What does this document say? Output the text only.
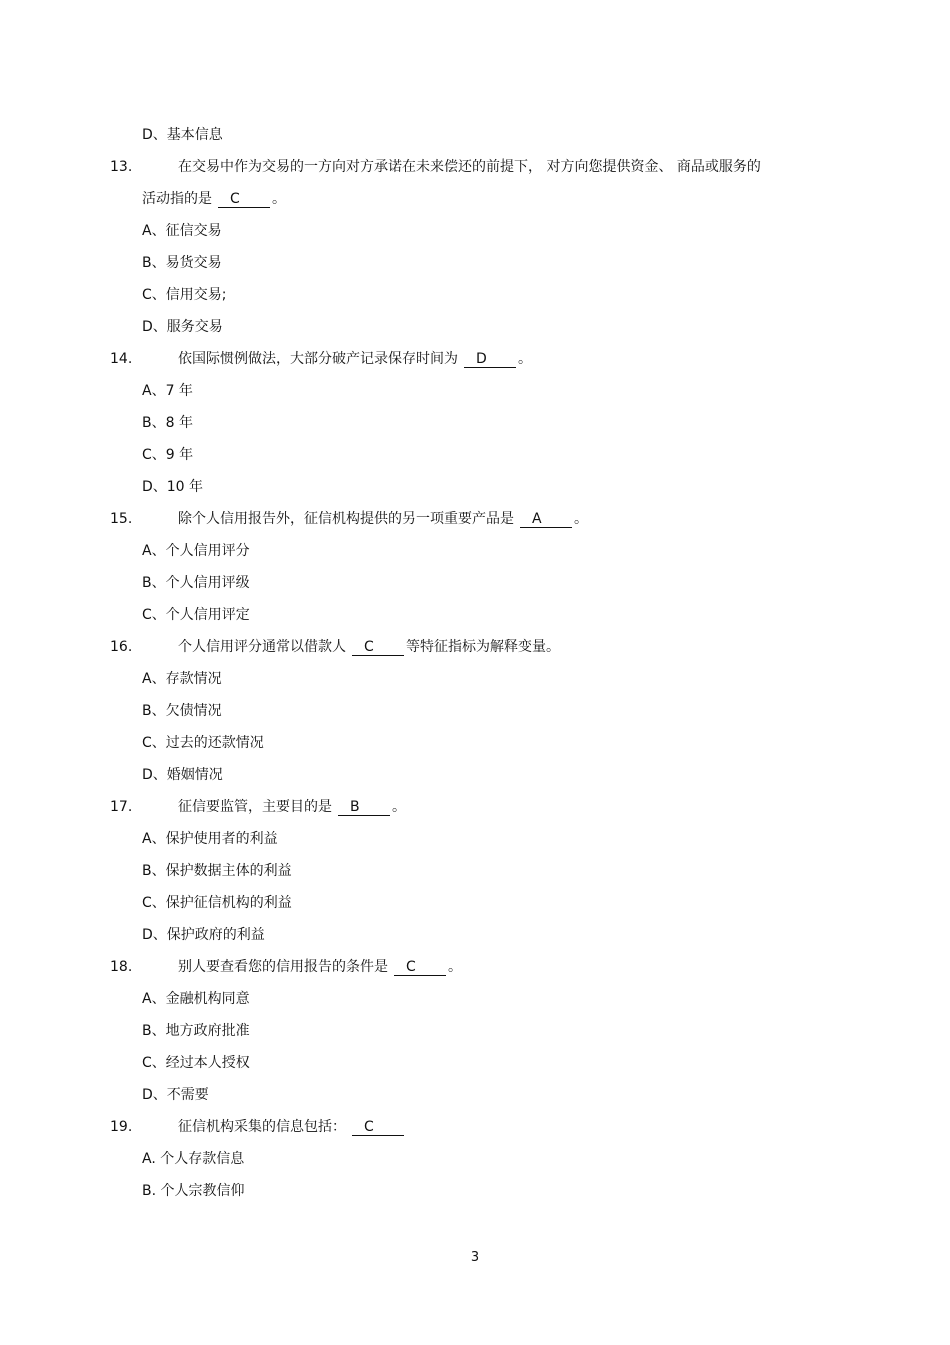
D、基本信息
13.	在交易中作为交易的一方向对方承诺在未来偿还的前提下， 对方向您提供资金、 商品或服务的
活动指的是 C 。
A、征信交易
B、易货交易
C、信用交易;
D、服务交易
14.	依国际惯例做法，大部分破产记录保存时间为 D 。
A、7 年
B、8 年
C、9 年
D、10 年
15.	除个人信用报告外，征信机构提供的另一项重要产品是 A 。
A、个人信用评分
B、个人信用评级
C、个人信用评定
16.	个人信用评分通常以借款人 C 等特征指标为解释变量。
A、存款情况
B、欠债情况
C、过去的还款情况
D、婚姻情况
17.	征信要监管，主要目的是 B 。
A、保护使用者的利益
B、保护数据主体的利益
C、保护征信机构的利益
D、保护政府的利益
18.	别人要查看您的信用报告的条件是 C 。
A、金融机构同意
B、地方政府批准
C、经过本人授权
D、不需要
19.	征信机构采集的信息包括： C
A. 个人存款信息
B. 个人宗教信仰
3
